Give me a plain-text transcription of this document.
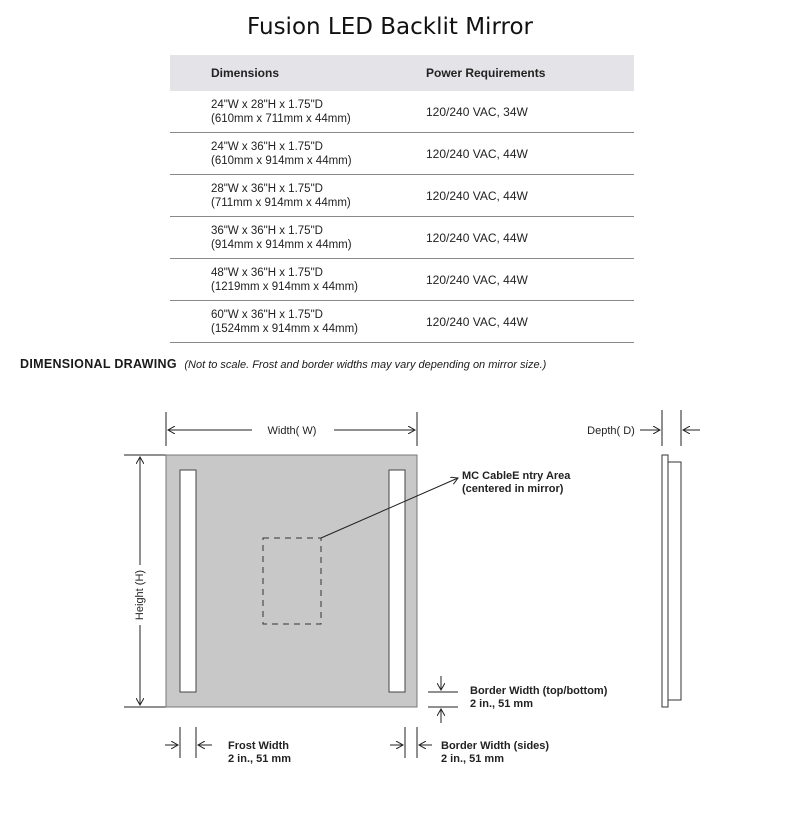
Fusion LED Backlit Mirror
Dimensions	Power Requirements

24"W x 28"H x 1.75"D
(610mm x 711mm x 44mm)	120/240 VAC, 34W

24"W x 36"H x 1.75"D
(610mm x 914mm x 44mm)	120/240 VAC, 44W

28"W x 36"H x 1.75"D
(711mm x 914mm x 44mm)	120/240 VAC, 44W

36"W x 36"H x 1.75"D
(914mm x 914mm x 44mm)	120/240 VAC, 44W

48"W x 36"H x 1.75"D
(1219mm x 914mm x 44mm)	120/240 VAC, 44W

60"W x 36"H x 1.75"D
(1524mm x 914mm x 44mm)	120/240 VAC, 44W
DIMENSIONAL DRAWING (Not to scale. Frost and border widths may vary depending on mirror size.)
Width( W)	Depth( D)
Height (H)
MC CableE ntry Area
(centered in mirror)
Border Width (top/bottom)
2 in., 51 mm
Frost Width
2 in., 51 mm
Border Width (sides)
2 in., 51 mm
